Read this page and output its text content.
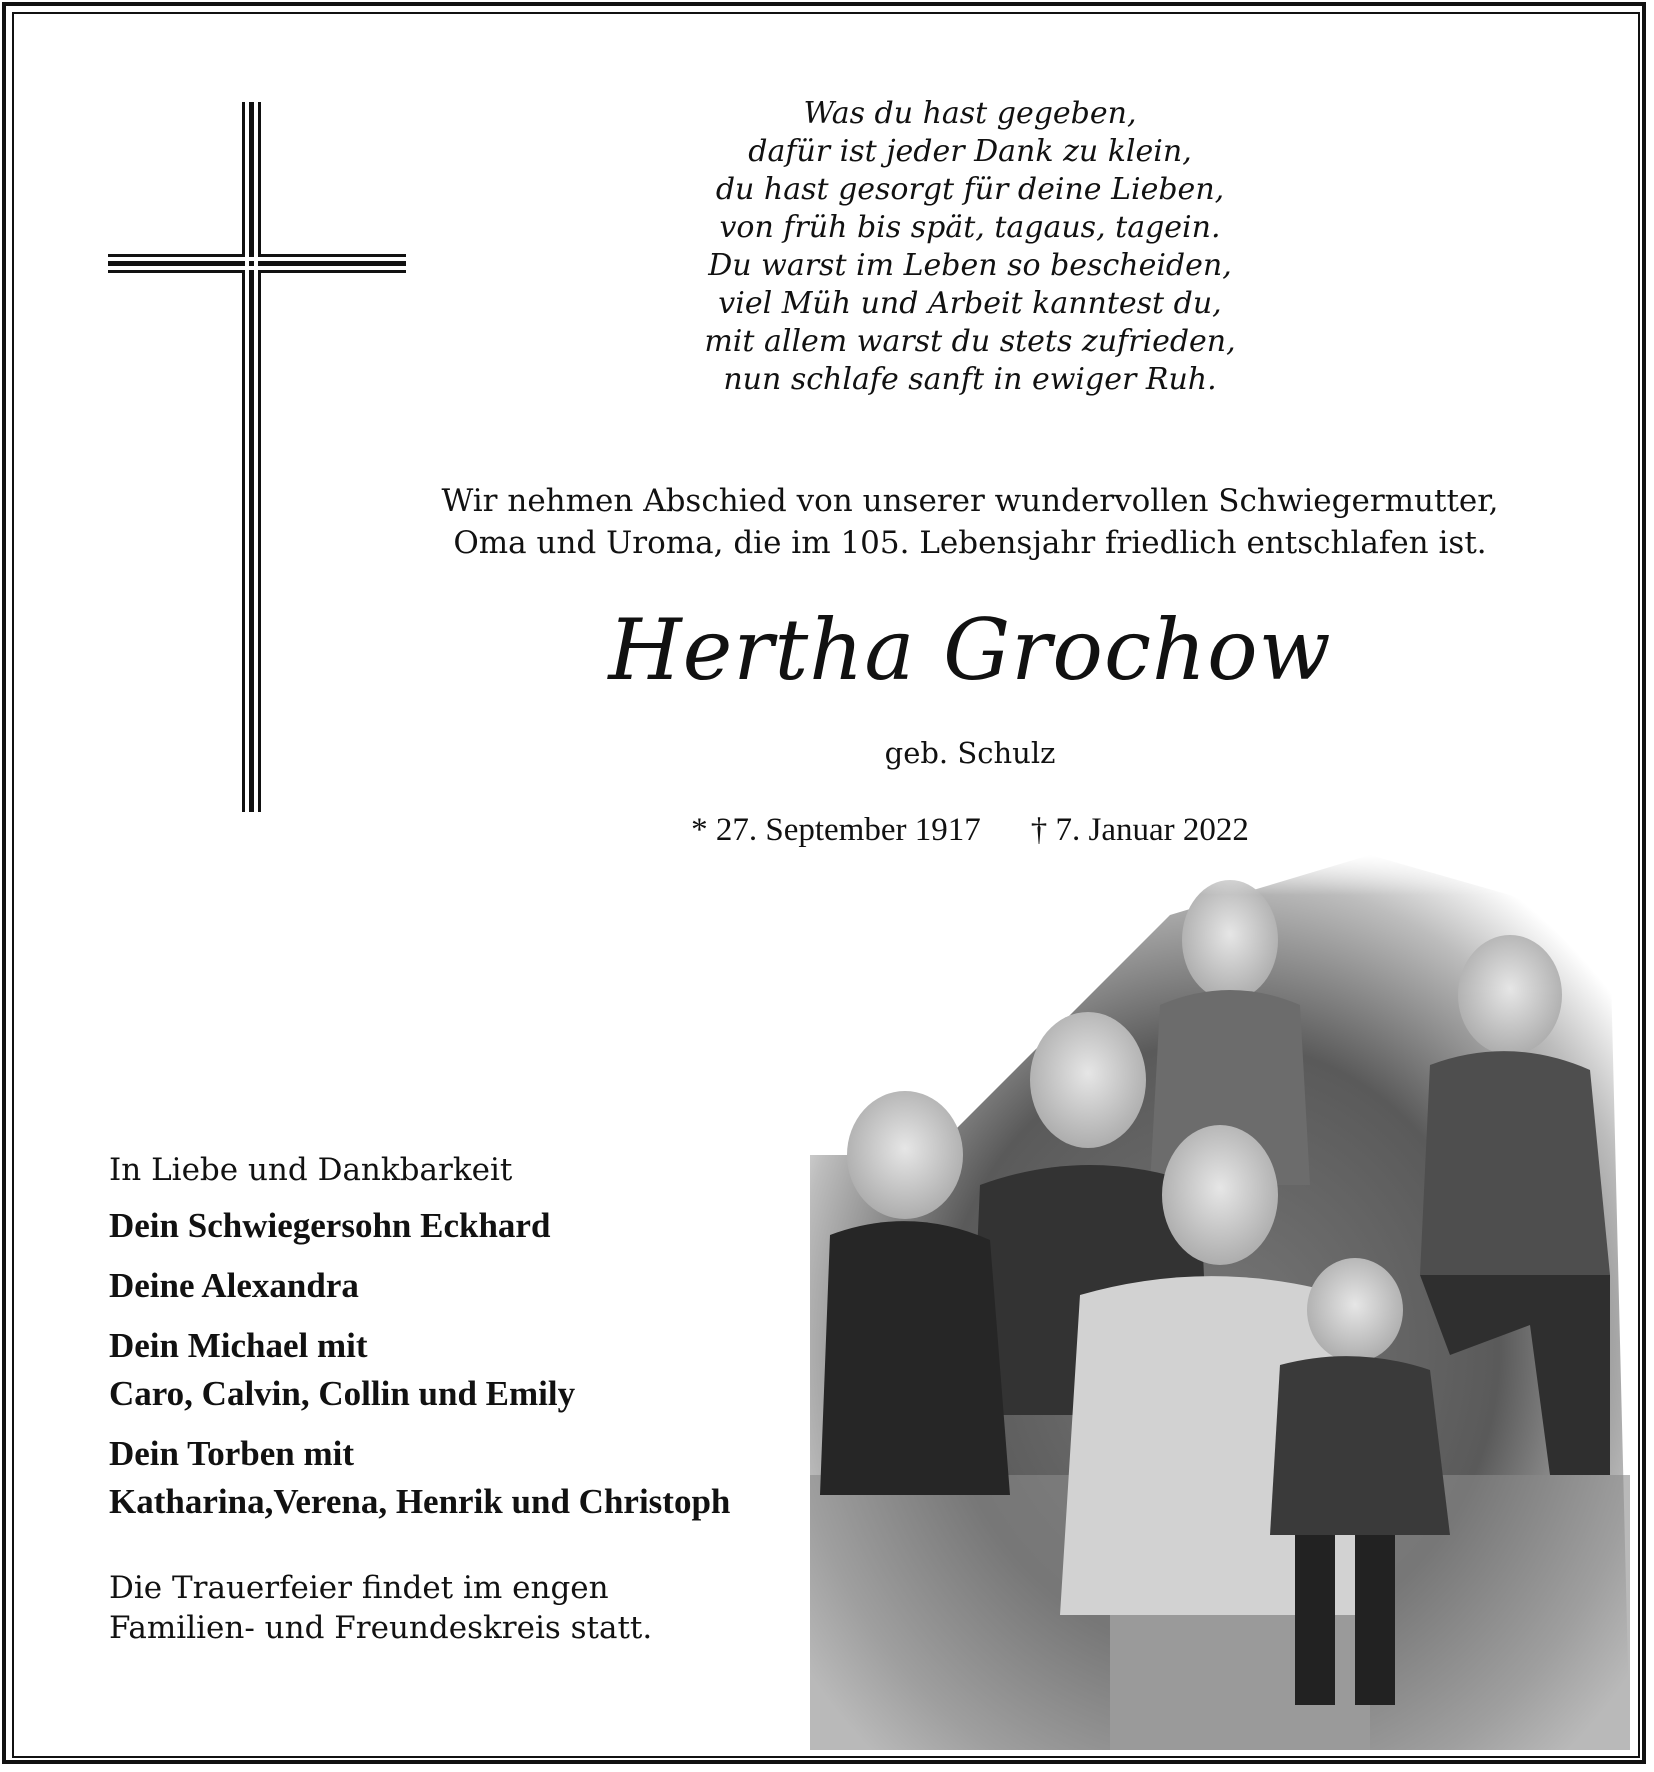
Was du hast gegeben,
dafür ist jeder Dank zu klein,
du hast gesorgt für deine Lieben,
von früh bis spät, tagaus, tagein.
Du warst im Leben so bescheiden,
viel Müh und Arbeit kanntest du,
mit allem warst du stets zufrieden,
nun schlafe sanft in ewiger Ruh.
Wir nehmen Abschied von unserer wundervollen Schwiegermutter,
Oma und Uroma, die im 105. Lebensjahr friedlich entschlafen ist.
Hertha Grochow
geb. Schulz
* 27. September 1917 † 7. Januar 2022
In Liebe und Dankbarkeit
Dein Schwiegersohn Eckhard
Deine Alexandra
Dein Michael mit
Caro, Calvin, Collin und Emily
Dein Torben mit
Katharina,Verena, Henrik und Christoph
Die Trauerfeier findet im engen
Familien- und Freundeskreis statt.
